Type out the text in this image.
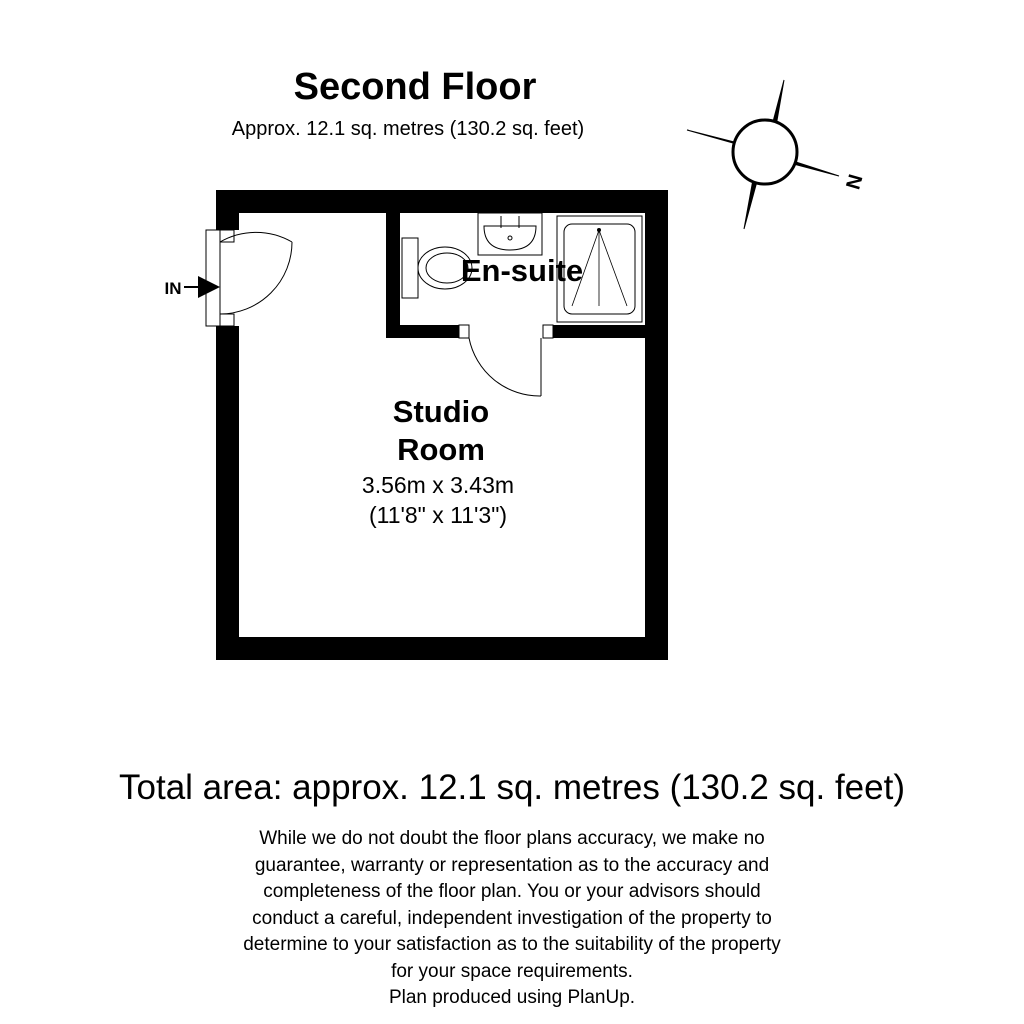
Second Floor

Approx. 12.1 sq. metres (130.2 sq. feet)

N
IN
En-suite
Studio
Room
3.56m x 3.43m
(11'8" x 11'3")

Total area: approx. 12.1 sq. metres (130.2 sq. feet)

While we do not doubt the floor plans accuracy, we make no
guarantee, warranty or representation as to the accuracy and
completeness of the floor plan. You or your advisors should
conduct a careful, independent investigation of the property to
determine to your satisfaction as to the suitability of the property
for your space requirements.
Plan produced using PlanUp.
